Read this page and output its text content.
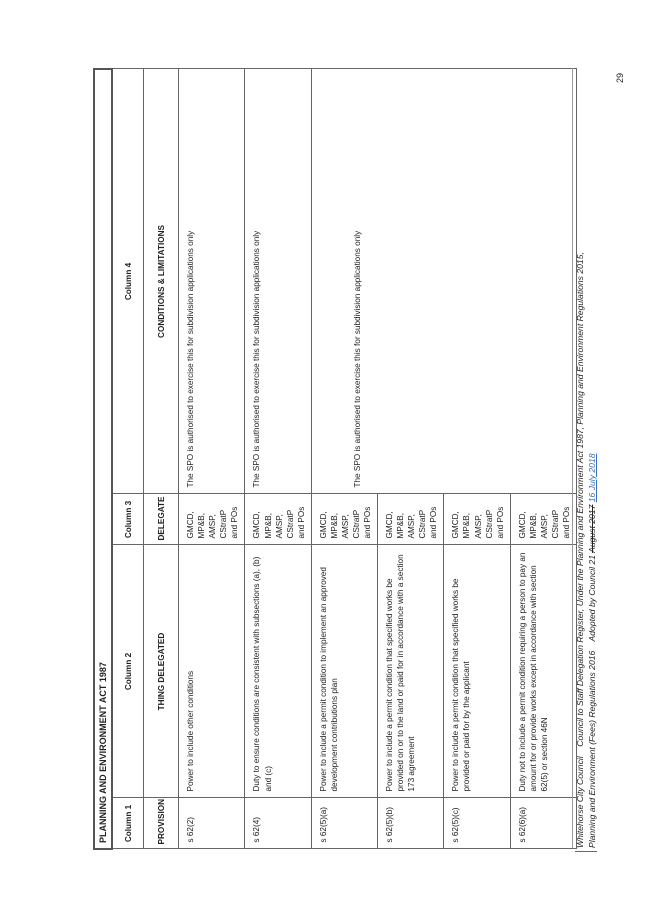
PLANNING AND ENVIRONMENT ACT 1987			
Column 1	Column 2	Column 3	Column 4
PROVISION	THING DELEGATED	DELEGATE	CONDITIONS & LIMITATIONS
s 62(2)	Power to include other conditions	GMCD, MP&B, AMSP, CStratP and POs	The SPO is authorised to exercise this for subdivision applications only
s 62(4)	Duty to ensure conditions are consistent with subsections (a), (b) and (c)	GMCD, MP&B, AMSP, CStratP and POs	The SPO is authorised to exercise this for subdivision applications only
s 62(5)(a)	Power to include a permit condition to implement an approved development contributions plan	GMCD, MP&B, AMSP, CStratP and POs	The SPO is authorised to exercise this for subdivision applications only
s 62(5)(b)	Power to include a permit condition that specified works be provided on or to the land or paid for in accordance with a section 173 agreement	GMCD, MP&B, AMSP, CStratP and POs	
s 62(5)(c)	Power to include a permit condition that specified works be provided or paid for by the applicant	GMCD, MP&B, AMSP, CStratP and POs	
s 62(6)(a)	Duty not to include a permit condition requiring a person to pay an amount for or provide works except in accordance with section 62(5) or section 46N	GMCD, MP&B, AMSP, CStratP and POs	
Whitehorse City Council    Council to Staff Delegation Register, Under the Planning and Environment Act 1987, Planning and Environment Regulations 2015,
Planning and Environment (Fees) Regulations 2016    Adopted by Council 21 August 2017 16 July 2018
29
